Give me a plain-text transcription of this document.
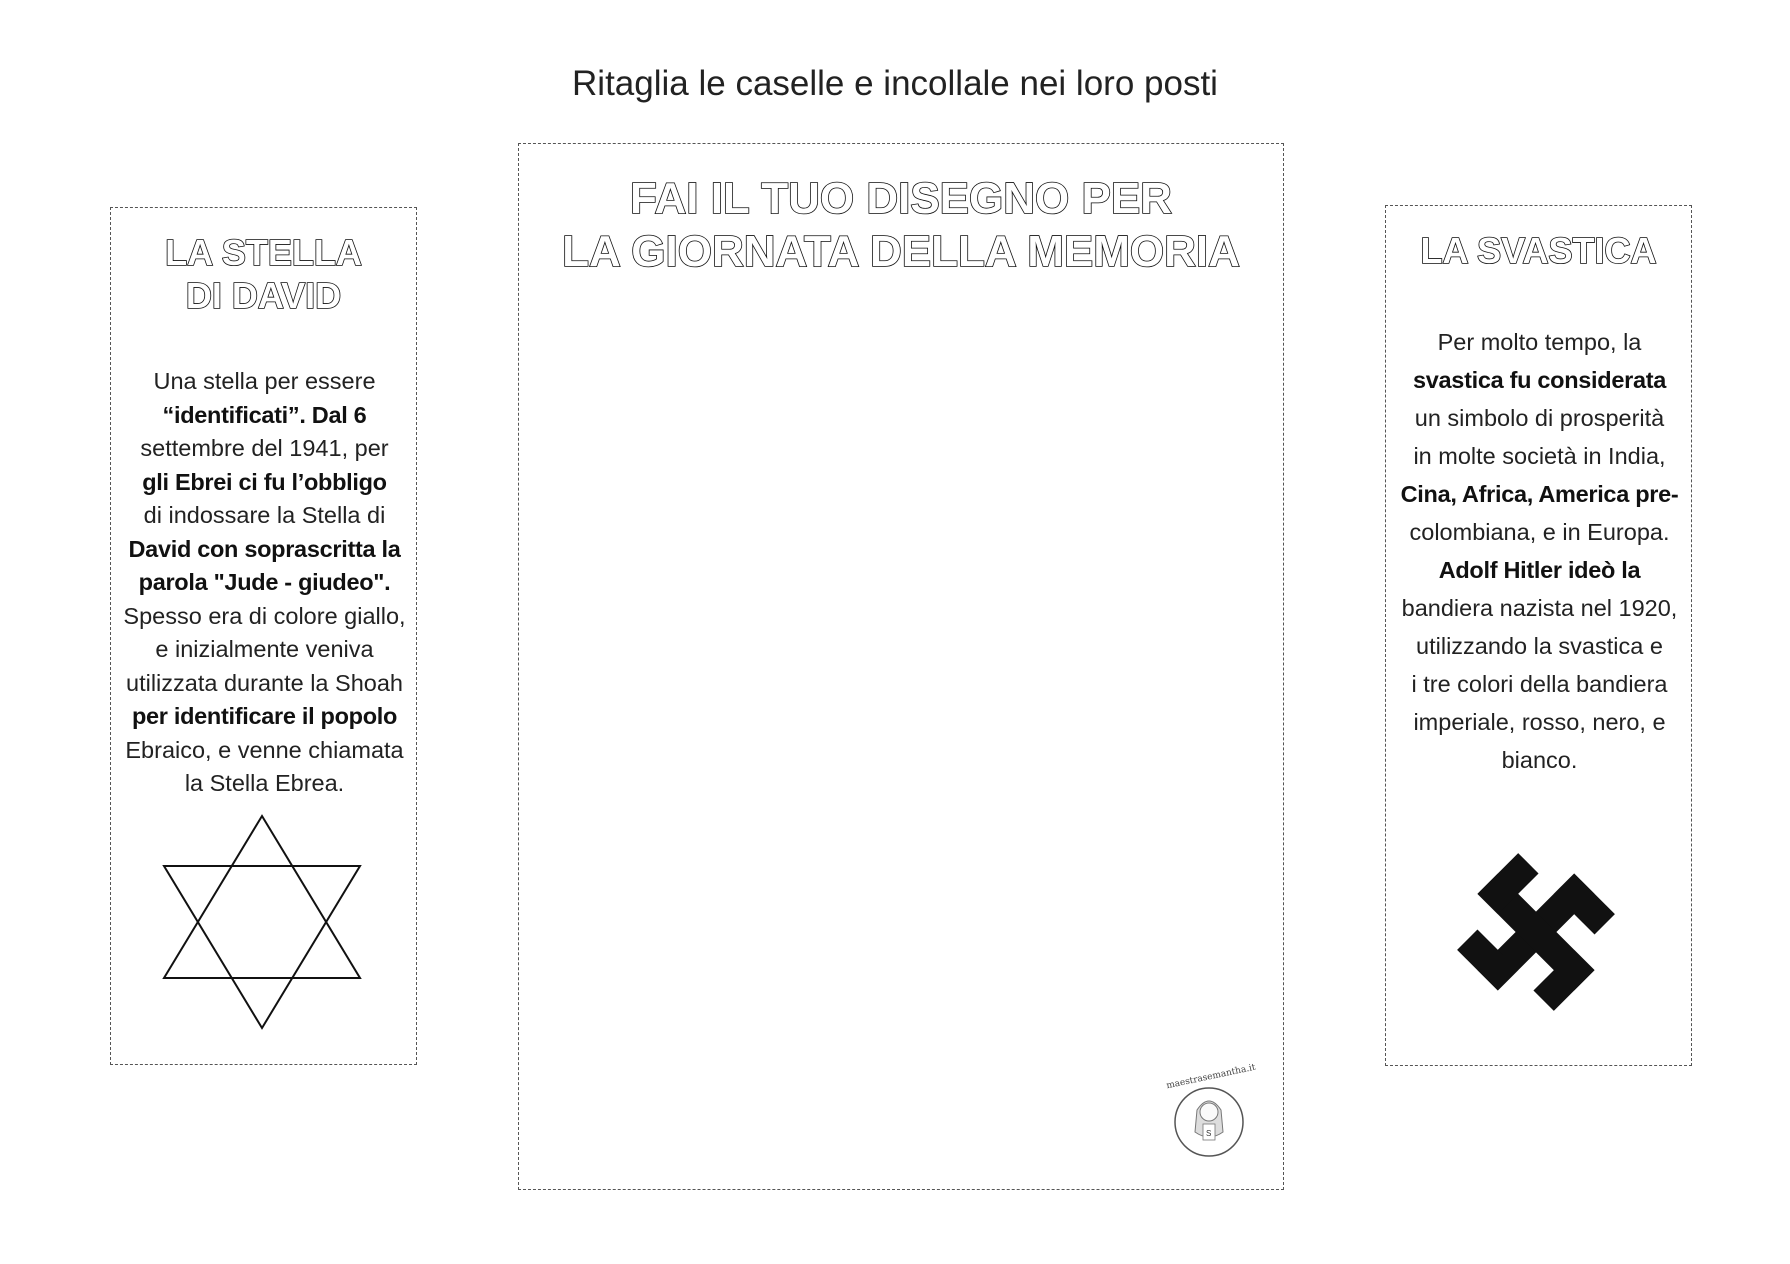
Ritaglia le caselle e incollale nei loro posti

LA STELLA

DI DAVID

Una stella per essere
“identificati”. Dal 6
settembre del 1941, per
gli Ebrei ci fu l’obbligo
di indossare la Stella di
David con soprascritta la
parola "Jude - giudeo".
Spesso era di colore giallo,
e inizialmente veniva
utilizzata durante la Shoah
per identificare il popolo
Ebraico, e venne chiamata
la Stella Ebrea.

FAI IL TUO DISEGNO PER

LA GIORNATA DELLA MEMORIA

S
maestrasemantha.it

LA SVASTICA

Per molto tempo, la
svastica fu considerata
un simbolo di prosperità
in molte società in India,
Cina, Africa, America pre-
colombiana, e in Europa.
Adolf Hitler ideò la
bandiera nazista nel 1920,
utilizzando la svastica e
i tre colori della bandiera
imperiale, rosso, nero, e
bianco.
